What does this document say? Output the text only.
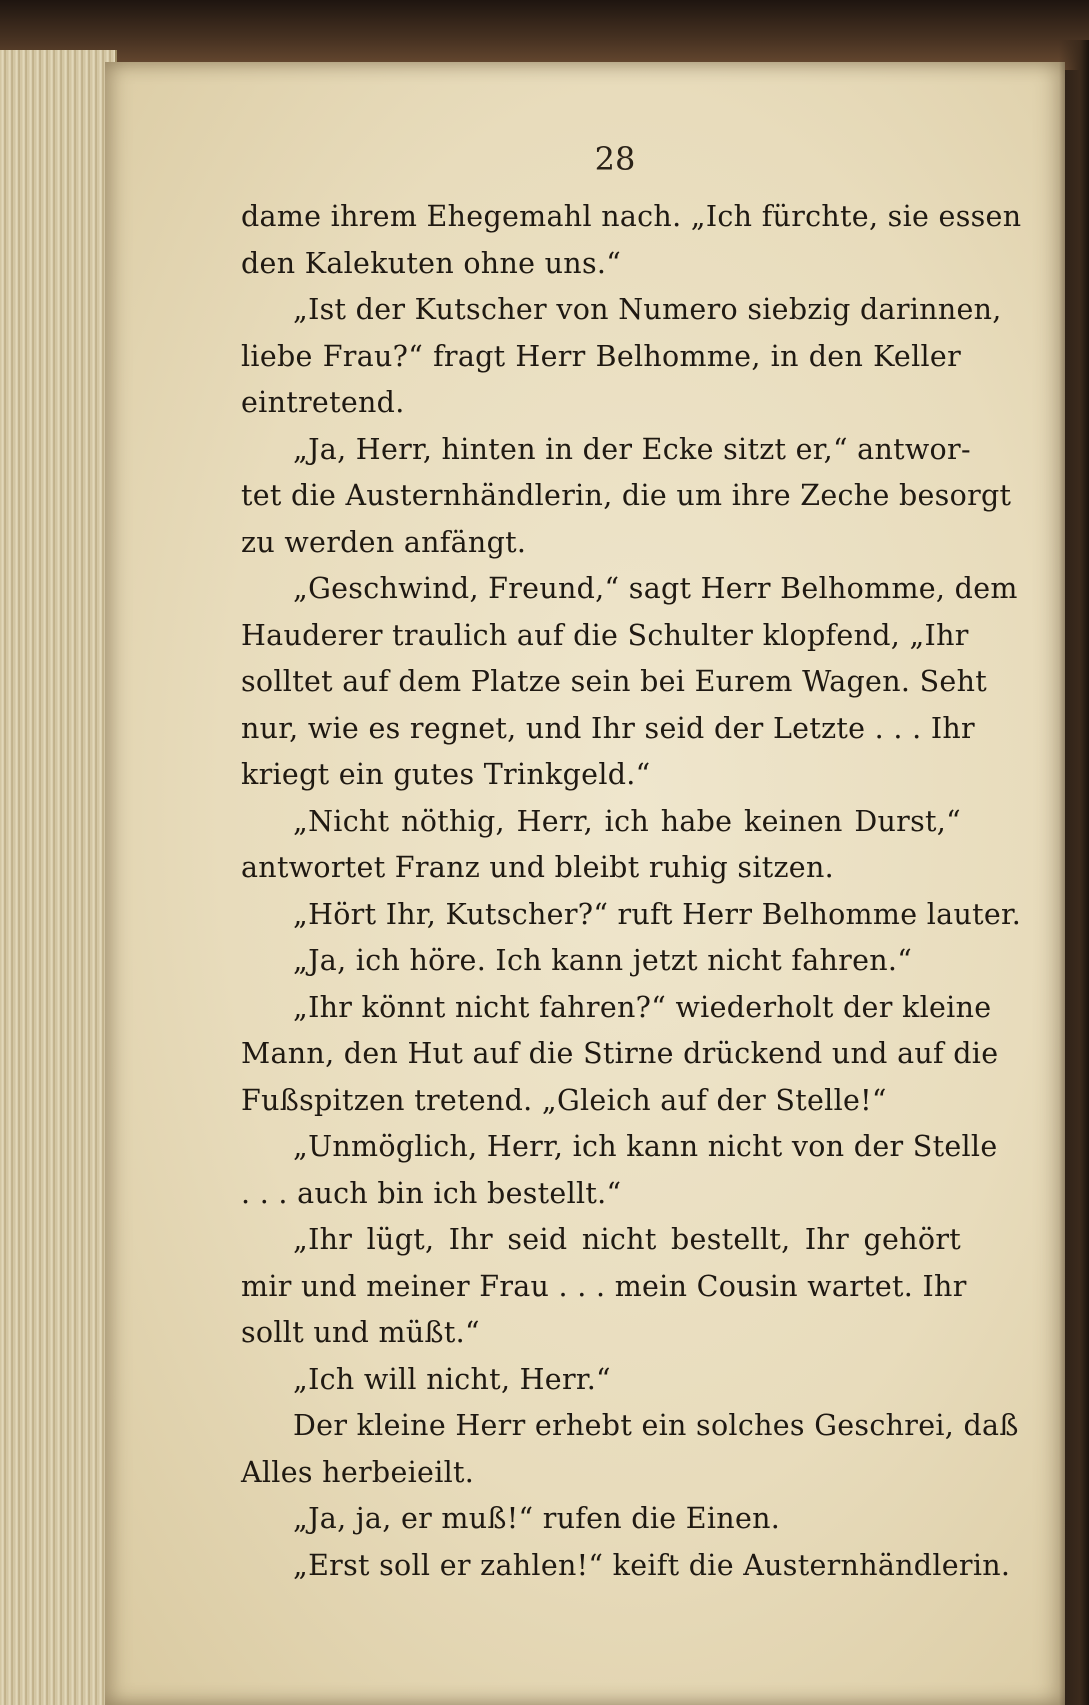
28
dame ihrem Ehegemahl nach. „Ich fürchte, sie essen
den Kalekuten ohne uns.“
„Ist der Kutscher von Numero siebzig darinnen,
liebe Frau?“ fragt Herr Belhomme, in den Keller
eintretend.
„Ja, Herr, hinten in der Ecke sitzt er,“ antwor-
tet die Austernhändlerin, die um ihre Zeche besorgt
zu werden anfängt.
„Geschwind, Freund,“ sagt Herr Belhomme, dem
Hauderer traulich auf die Schulter klopfend, „Ihr
solltet auf dem Platze sein bei Eurem Wagen. Seht
nur, wie es regnet, und Ihr seid der Letzte . . . Ihr
kriegt ein gutes Trinkgeld.“
„Nicht nöthig, Herr, ich habe keinen Durst,“
antwortet Franz und bleibt ruhig sitzen.
„Hört Ihr, Kutscher?“ ruft Herr Belhomme lauter.
„Ja, ich höre. Ich kann jetzt nicht fahren.“
„Ihr könnt nicht fahren?“ wiederholt der kleine
Mann, den Hut auf die Stirne drückend und auf die
Fußspitzen tretend. „Gleich auf der Stelle!“
„Unmöglich, Herr, ich kann nicht von der Stelle
. . . auch bin ich bestellt.“
„Ihr lügt, Ihr seid nicht bestellt, Ihr gehört
mir und meiner Frau . . . mein Cousin wartet. Ihr
sollt und müßt.“
„Ich will nicht, Herr.“
Der kleine Herr erhebt ein solches Geschrei, daß
Alles herbeieilt.
„Ja, ja, er muß!“ rufen die Einen.
„Erst soll er zahlen!“ keift die Austernhändlerin.
